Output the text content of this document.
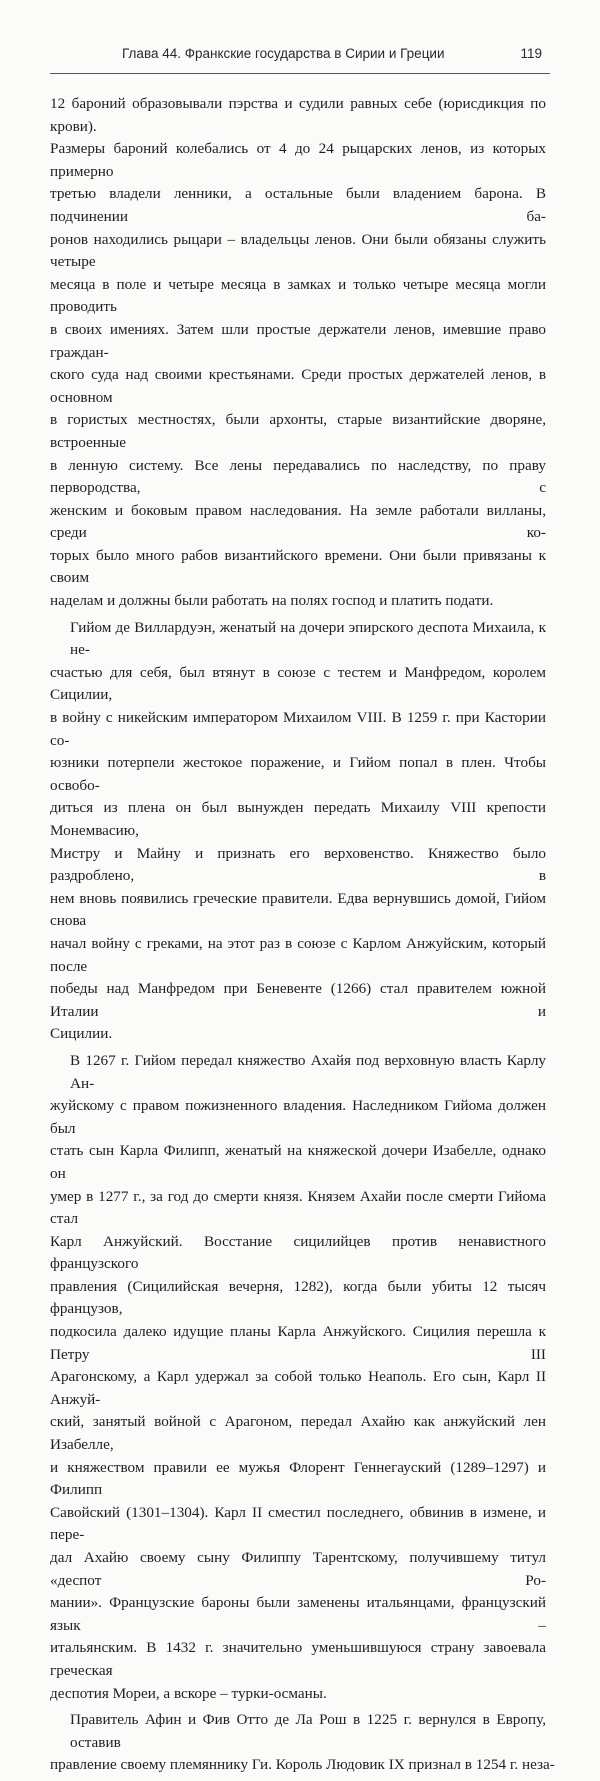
Глава 44. Франкские государства в Сирии и Греции	119
12 бароний образовывали пэрства и судили равных себе (юрисдикция по крови).
Размеры бароний колебались от 4 до 24 рыцарских ленов, из которых примерно
третью владели ленники, а остальные были владением барона. В подчинении ба-
ронов находились рыцари – владельцы ленов. Они были обязаны служить четыре
месяца в поле и четыре месяца в замках и только четыре месяца могли проводить
в своих имениях. Затем шли простые держатели ленов, имевшие право граждан-
ского суда над своими крестьянами. Среди простых держателей ленов, в основном
в гористых местностях, были архонты, старые византийские дворяне, встроенные
в ленную систему. Все лены передавались по наследству, по праву первородства, с
женским и боковым правом наследования. На земле работали вилланы, среди ко-
торых было много рабов византийского времени. Они были привязаны к своим
наделам и должны были работать на полях господ и платить подати.
Гийом де Виллардуэн, женатый на дочери эпирского деспота Михаила, к не-
счастью для себя, был втянут в союзе с тестем и Манфредом, королем Сицилии,
в войну с никейским императором Михаилом VIII. В 1259 г. при Кастории со-
юзники потерпели жестокое поражение, и Гийом попал в плен. Чтобы освобо-
диться из плена он был вынужден передать Михаилу VIII крепости Монемвасию,
Мистру и Майну и признать его верховенство. Княжество было раздроблено, в
нем вновь появились греческие правители. Едва вернувшись домой, Гийом снова
начал войну с греками, на этот раз в союзе с Карлом Анжуйским, который после
победы над Манфредом при Беневенте (1266) стал правителем южной Италии и
Сицилии.
В 1267 г. Гийом передал княжество Ахайя под верховную власть Карлу Ан-
жуйскому с правом пожизненного владения. Наследником Гийома должен был
стать сын Карла Филипп, женатый на княжеской дочери Изабелле, однако он
умер в 1277 г., за год до смерти князя. Князем Ахайи после смерти Гийома стал
Карл Анжуйский. Восстание сицилийцев против ненавистного французского
правления (Сицилийская вечерня, 1282), когда были убиты 12 тысяч французов,
подкосила далеко идущие планы Карла Анжуйского. Сицилия перешла к Петру III
Арагонскому, а Карл удержал за собой только Неаполь. Его сын, Карл II Анжуй-
ский, занятый войной с Арагоном, передал Ахайю как анжуйский лен Изабелле,
и княжеством правили ее мужья Флорент Геннегауский (1289–1297) и Филипп
Савойский (1301–1304). Карл II сместил последнего, обвинив в измене, и пере-
дал Ахайю своему сыну Филиппу Тарентскому, получившему титул «деспот Ро-
мании». Французские бароны были заменены итальянцами, французский язык –
итальянским. В 1432 г. значительно уменьшившуюся страну завоевала греческая
деспотия Мореи, а вскоре – турки-османы.
Правитель Афин и Фив Отто де Ла Рош в 1225 г. вернулся в Европу, оставив
правление своему племяннику Ги. Король Людовик IX признал в 1254 г. неза-
